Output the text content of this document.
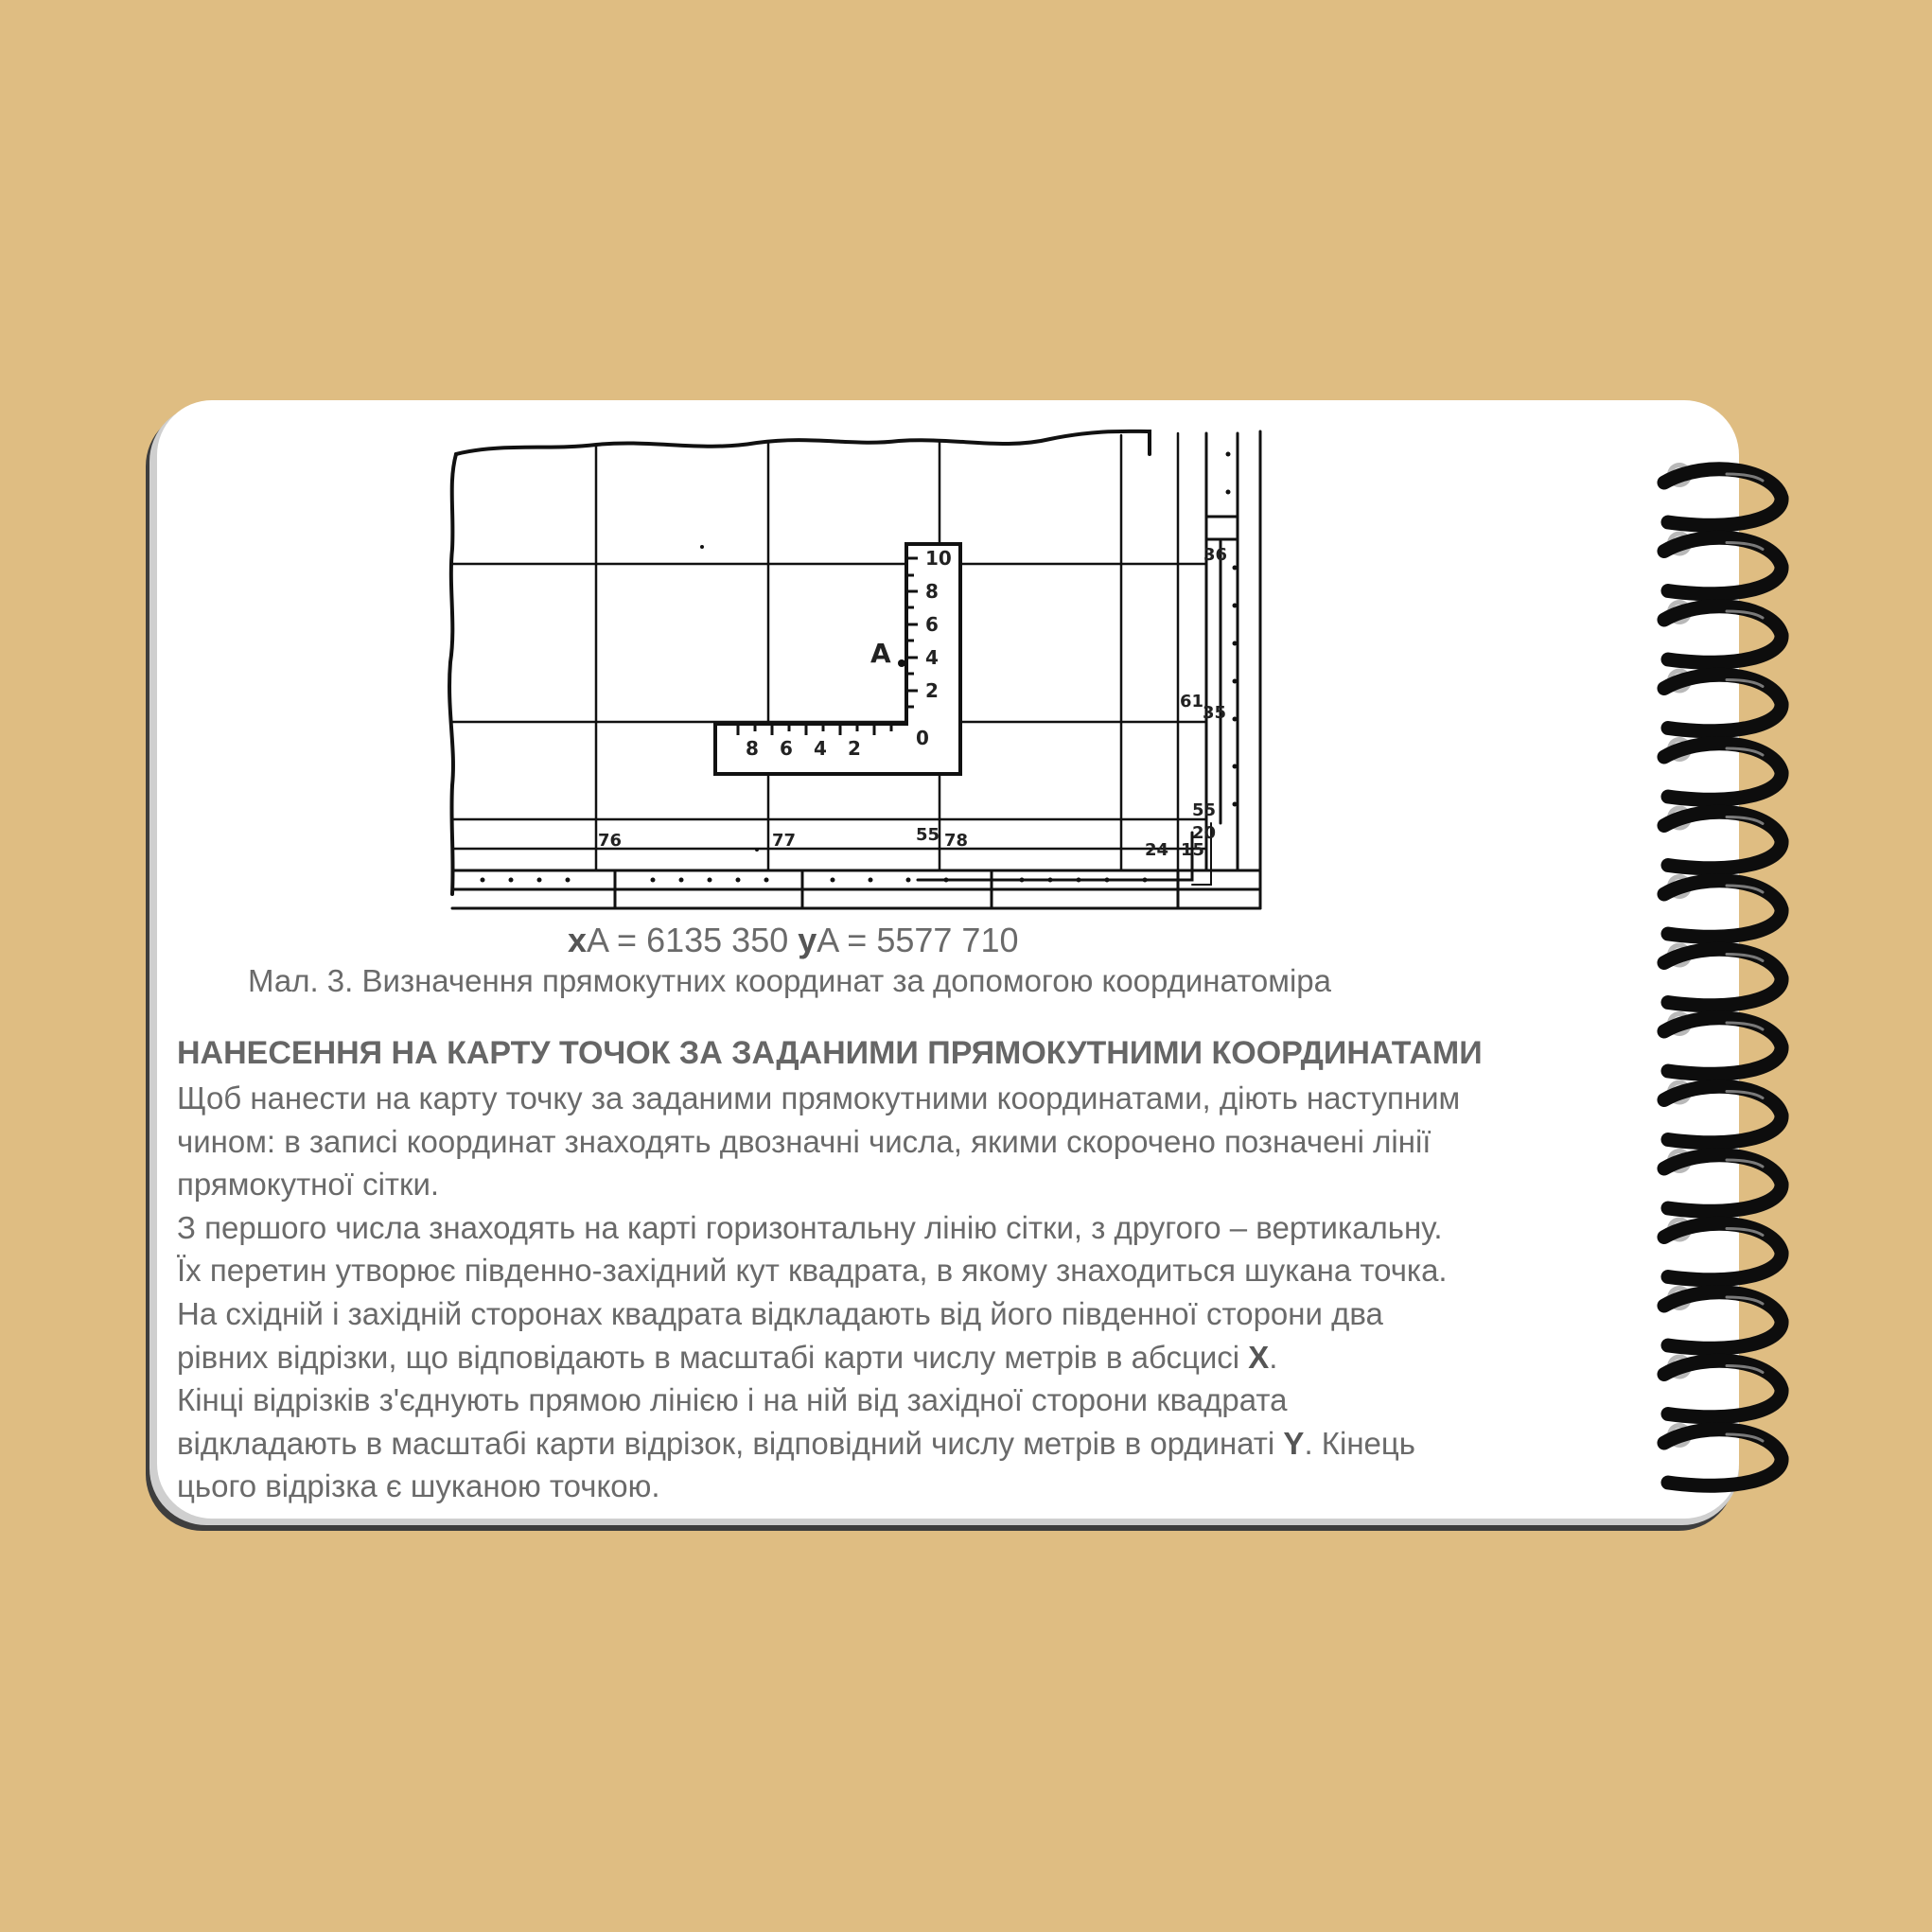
10
8
6
4
2
8 6 4 2	0
A
76	77	55 78	24 15
20
36
61
35
55
xA = 6135 350 yA = 5577 710
Мал. 3. Визначення прямокутних координат за допомогою координатоміра
НАНЕСЕННЯ НА КАРТУ ТОЧОК ЗА ЗАДАНИМИ ПРЯМОКУТНИМИ КООРДИНАТАМИ

Щоб нанести на карту точку за заданими прямокутними координатами, діють наступним

чином: в записі координат знаходять двозначні числа, якими скорочено позначені лінії

прямокутної сітки.

З першого числа знаходять на карті горизонтальну лінію сітки, з другого – вертикальну.

Їх перетин утворює південно-західний кут квадрата, в якому знаходиться шукана точка.

На східній і західній сторонах квадрата відкладають від його південної сторони два

рівних відрізки, що відповідають в масштабі карти числу метрів в абсцисі X.

Кінці відрізків з'єднують прямою лінією і на ній від західної сторони квадрата

відкладають в масштабі карти відрізок, відповідний числу метрів в ординаті Y. Кінець

цього відрізка є шуканою точкою.
